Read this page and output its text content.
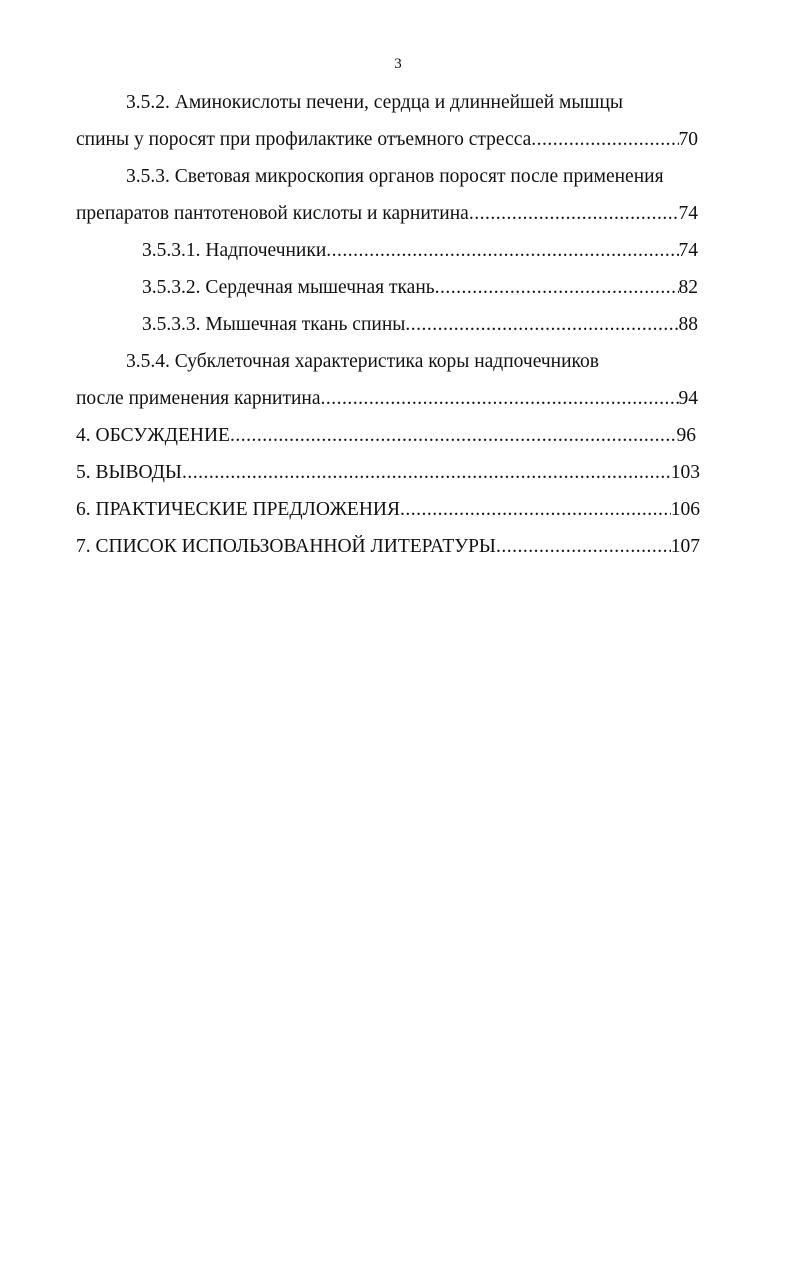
3
3.5.2. Аминокислоты печени, сердца и длиннейшей мышцы
спины у поросят при профилактике отъемного стресса .....	70
3.5.3. Световая микроскопия органов поросят после применения
препаратов пантотеновой кислоты и карнитина .....	74
3.5.3.1. Надпочечники .....	74
3.5.3.2. Сердечная мышечная ткань .....	82
3.5.3.3. Мышечная ткань спины .....	88
3.5.4. Субклеточная характеристика коры надпочечников
после применения карнитина .....	94
4. ОБСУЖДЕНИЕ .....	96
5. ВЫВОДЫ .....	103
6. ПРАКТИЧЕСКИЕ ПРЕДЛОЖЕНИЯ .....	106
7. СПИСОК ИСПОЛЬЗОВАННОЙ ЛИТЕРАТУРЫ .....	107
